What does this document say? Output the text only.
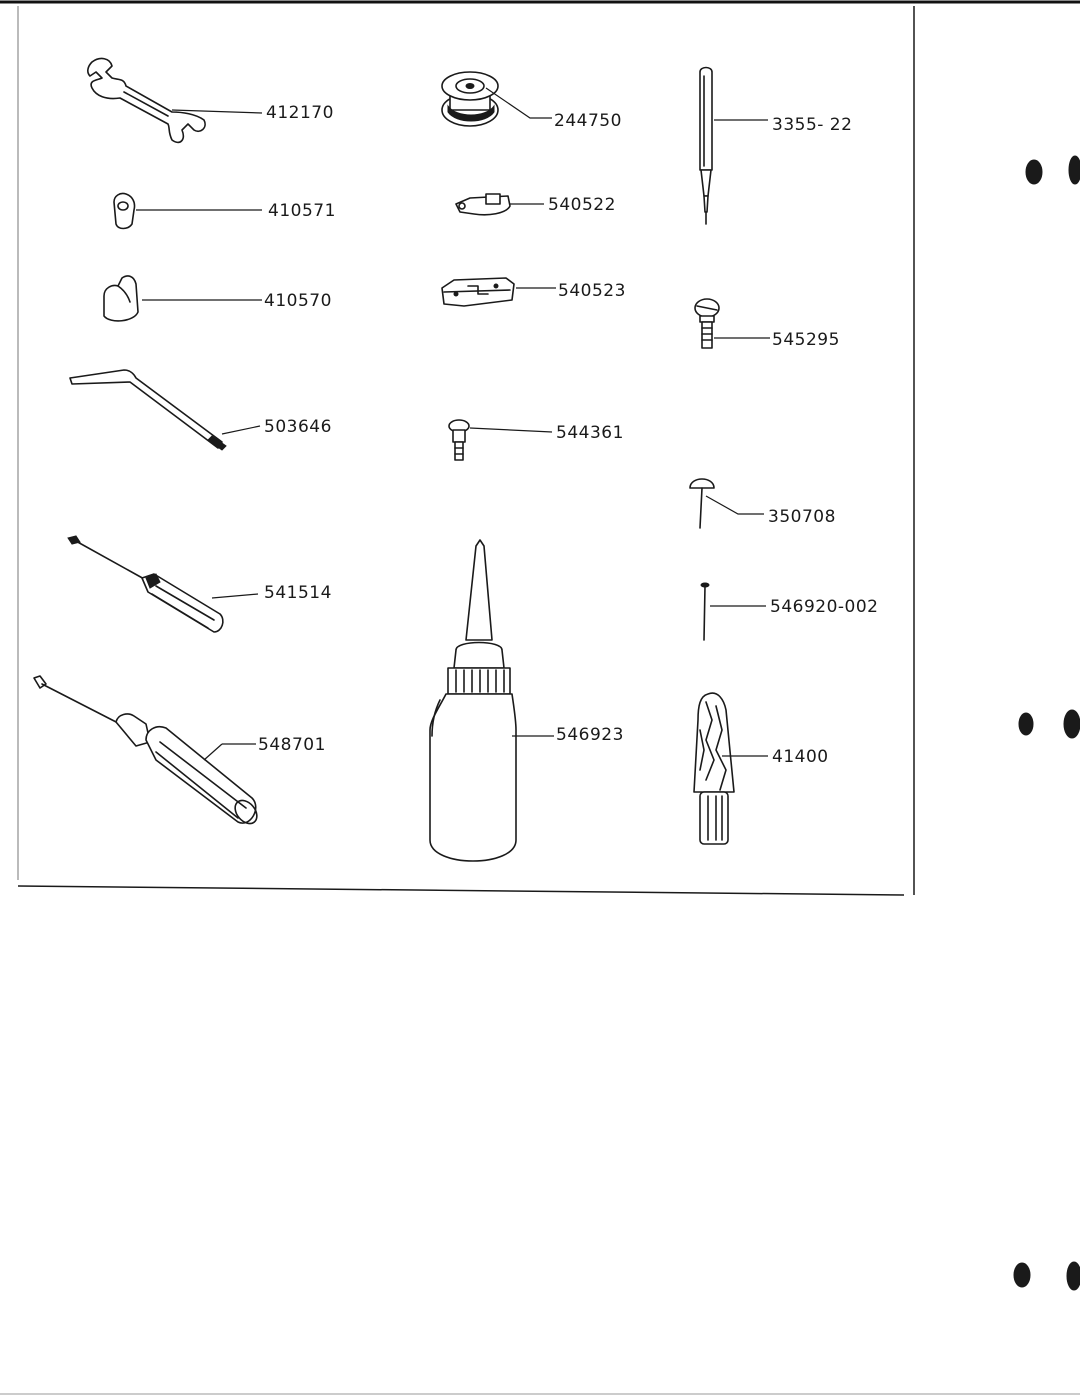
412170
410571
410570
503646
541514
548701
244750
540522
540523
544361
546923
3355- 22
545295
350708
546920-002
41400
